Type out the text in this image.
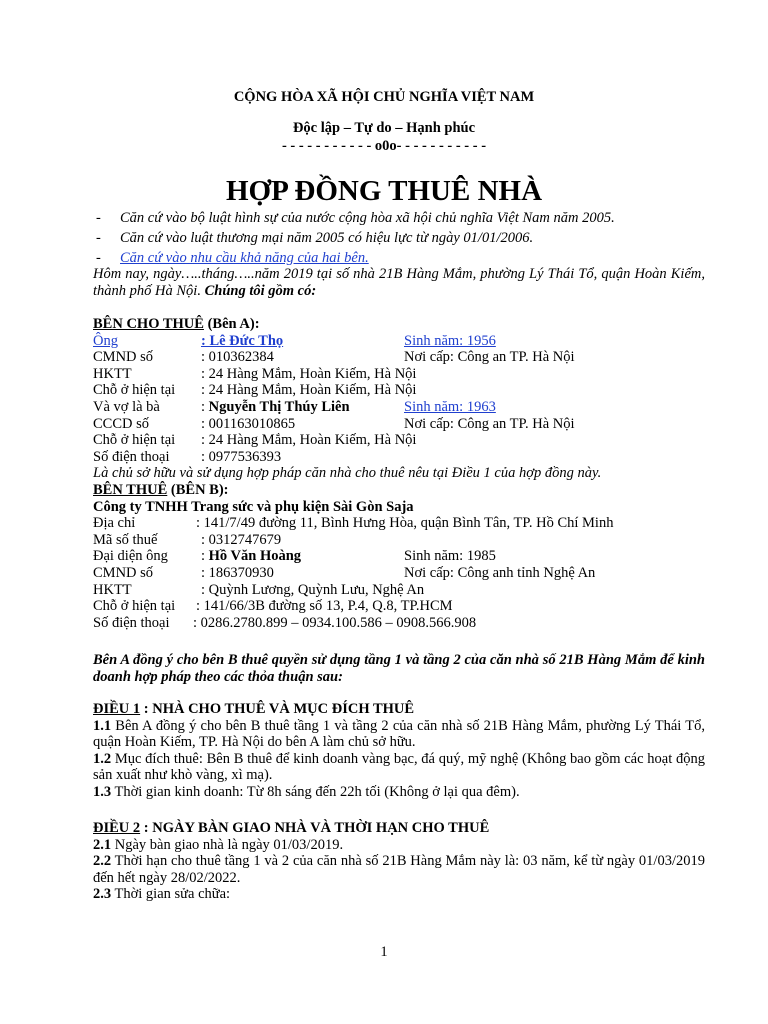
CỘNG HÒA XÃ HỘI CHỦ NGHĨA VIỆT NAM
Độc lập – Tự do – Hạnh phúc
- - - - - - - - - - - o0o- - - - - - - - - - -
HỢP ĐỒNG THUÊ NHÀ
- Căn cứ vào bộ luật hình sự của nước cộng hòa xã hội chủ nghĩa Việt Nam năm 2005.
- Căn cứ vào luật thương mại năm 2005 có hiệu lực từ ngày 01/01/2006.
- Căn cứ vào nhu cầu khả năng của hai bên.
Hôm nay, ngày…..tháng…..năm 2019 tại số nhà 21B Hàng Mắm, phường Lý Thái Tổ, quận Hoàn Kiếm, thành phố Hà Nội. Chúng tôi gồm có:
BÊN CHO THUÊ (Bên A):
Ông	: Lê Đức Thọ	Sinh năm: 1956
CMND số	: 010362384	Nơi cấp: Công an TP. Hà Nội
HKTT	: 24 Hàng Mắm, Hoàn Kiếm, Hà Nội
Chỗ ở hiện tại : 24 Hàng Mắm, Hoàn Kiếm, Hà Nội
Và vợ là bà	: Nguyễn Thị Thúy Liên	Sinh năm: 1963
CCCD số	: 001163010865	Nơi cấp: Công an TP. Hà Nội
Chỗ ở hiện tại : 24 Hàng Mắm, Hoàn Kiếm, Hà Nội
Số điện thoại : 0977536393
Là chủ sở hữu và sử dụng hợp pháp căn nhà cho thuê nêu tại Điều 1 của hợp đồng này.
BÊN THUÊ (BÊN B):
Công ty TNHH Trang sức và phụ kiện Sài Gòn Saja
Địa chỉ	: 141/7/49 đường 11, Bình Hưng Hòa, quận Bình Tân, TP. Hồ Chí Minh
Mã số thuế	: 0312747679
Đại diện ông : Hồ Văn Hoàng	Sinh năm: 1985
CMND số	: 186370930	Nơi cấp: Công anh tỉnh Nghệ An
HKTT	: Quỳnh Lương, Quỳnh Lưu, Nghệ An
Chỗ ở hiện tại : 141/66/3B đường số 13, P.4, Q.8, TP.HCM
Số điện thoại : 0286.2780.899 – 0934.100.586 – 0908.566.908
Bên A đồng ý cho bên B thuê quyền sử dụng tầng 1 và tầng 2 của căn nhà số 21B Hàng Mắm để kinh doanh hợp pháp theo các thỏa thuận sau:
ĐIỀU 1 : NHÀ CHO THUÊ VÀ MỤC ĐÍCH THUÊ
1.1 Bên A đồng ý cho bên B thuê tầng 1 và tầng 2 của căn nhà số 21B Hàng Mắm, phường Lý Thái Tổ, quận Hoàn Kiếm, TP. Hà Nội do bên A làm chủ sở hữu.
1.2 Mục đích thuê: Bên B thuê để kinh doanh vàng bạc, đá quý, mỹ nghệ (Không bao gồm các hoạt động sản xuất như khò vàng, xì mạ).
1.3 Thời gian kinh doanh: Từ 8h sáng đến 22h tối (Không ở lại qua đêm).
ĐIỀU 2 : NGÀY BÀN GIAO NHÀ VÀ THỜI HẠN CHO THUÊ
2.1 Ngày bàn giao nhà là ngày 01/03/2019.
2.2 Thời hạn cho thuê tầng 1 và 2 của căn nhà số 21B Hàng Mắm này là: 03 năm, kể từ ngày 01/03/2019 đến hết ngày 28/02/2022.
2.3 Thời gian sửa chữa:
1
